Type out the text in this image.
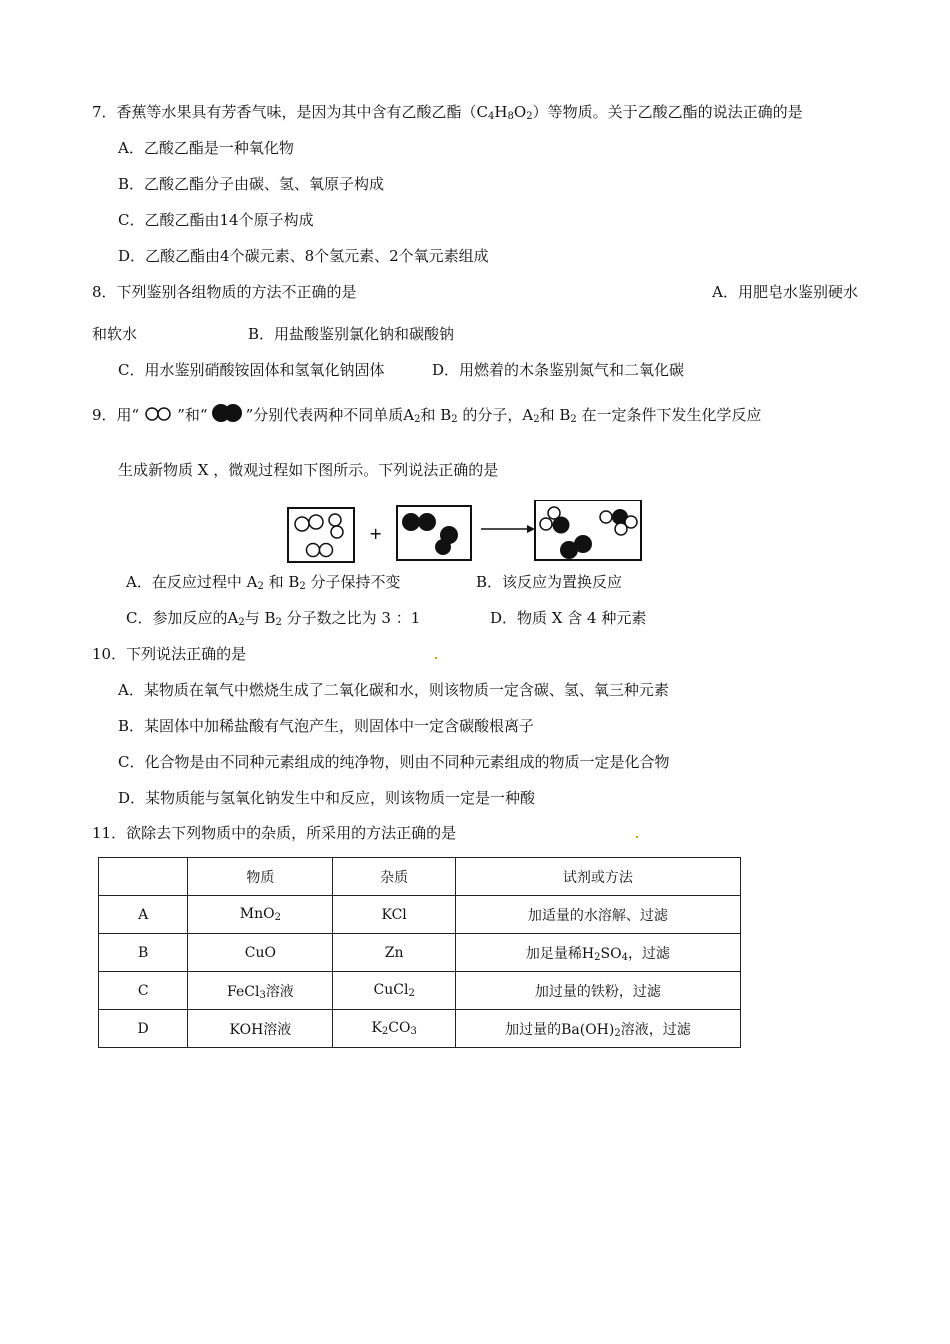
7．香蕉等水果具有芳香气味，是因为其中含有乙酸乙酯$(C_4H_8O_2)$等物质。关于乙酸乙酯的说法正确的是
A．乙酸乙酯是一种氧化物
B．乙酸乙酯分子由碳、氢、氧原子构成
C．乙酸乙酯由14个原子构成
D．乙酸乙酯由4个碳元素、8个氢元素、2个氧元素组成
8．下列鉴别各组物质的方法不正确的是	A．用肥皂水鉴别硬水
和软水	B．用盐酸鉴别氯化钠和碳酸钠
C．用水鉴别硝酸铵固体和氢氧化钠固体	D．用燃着的木条鉴别氮气和二氧化碳
9．用“	”和“	”分别代表两种不同单质$A_2$和 $B_2$ 的分子，$A_2$和 $B_2$ 在一定条件下发生化学反应
生成新物质 X ，微观过程如下图所示。下列说法正确的是
+
A．在反应过程中 $A_2$ 和 $B_2$ 分子保持不变	B．该反应为置换反应
C．参加反应的$A_2$与 $B_2$ 分子数之比为 3 ：1	D．物质 X 含 4 种元素
10．下列说法正确的是
A．某物质在氧气中燃烧生成了二氧化碳和水，则该物质一定含碳、氢、氧三种元素
B．某固体中加稀盐酸有气泡产生，则固体中一定含碳酸根离子
C．化合物是由不同种元素组成的纯净物，则由不同种元素组成的物质一定是化合物
D．某物质能与氢氧化钠发生中和反应，则该物质一定是一种酸
11．欲除去下列物质中的杂质，所采用的方法正确的是
	物质	杂质	试剂或方法
A	MnO$_2$	KCl	加适量的水溶解、过滤
B	CuO	Zn	加足量稀$H_2SO_4$，过滤
C	FeCl$_3$溶液	CuCl$_2$	加过量的铁粉，过滤
D	KOH溶液	$K_2CO_3$	加过量的$Ba(OH)_2$溶液，过滤
